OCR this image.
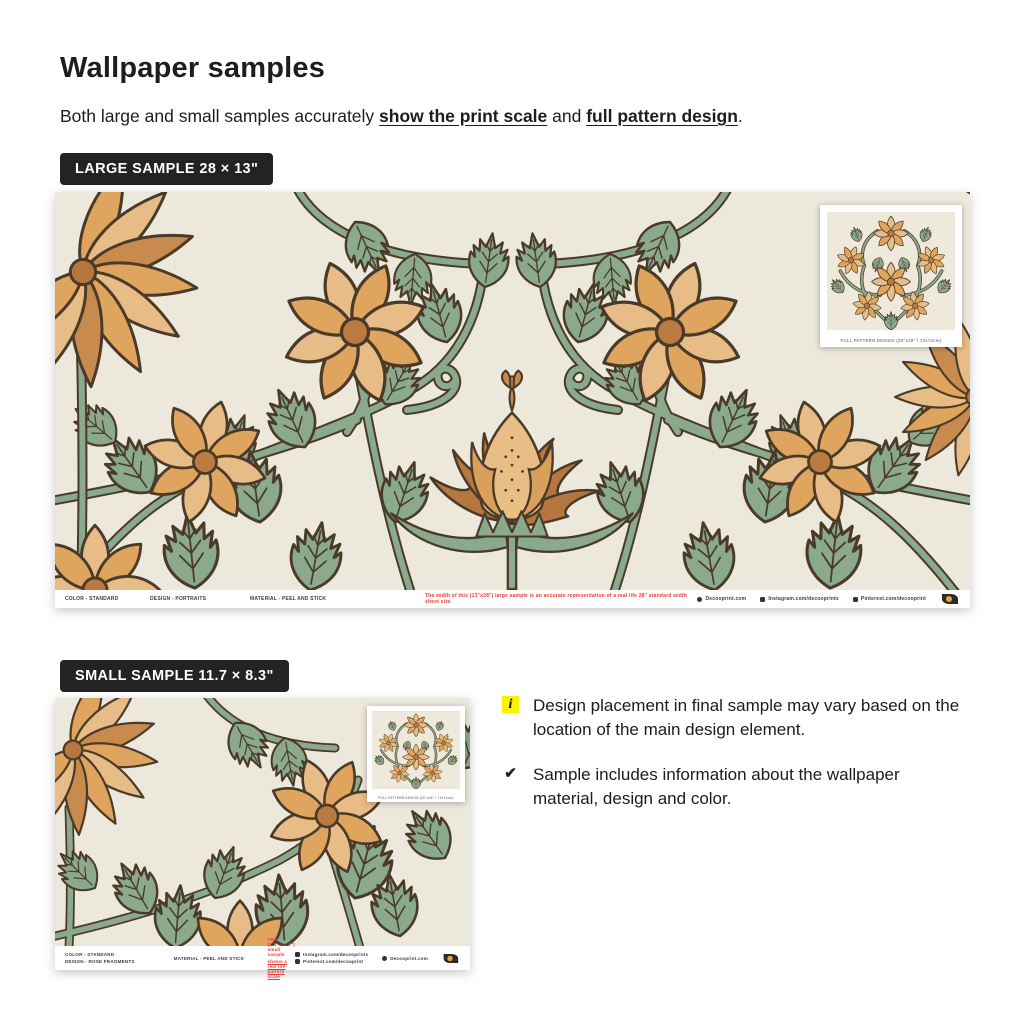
Wallpaper samples

Both large and small samples accurately show the print scale and full pattern design.

LARGE SAMPLE 28 × 13"
FULL PATTERN DESIGN (28"x28" / 72x72cm)
COLOR - STANDARD	DESIGN - PORTRAITS	MATERIAL - PEEL AND STICK	The width of this (13"x28") large sample is an accurate representation of a real life 28" standard width sheet size	Decooprint.com	Instagram.com/decooprints	Pinterest.com/decooprint
SMALL SAMPLE 11.7 × 8.3"
FULL PATTERN DESIGN (28"x28" / 72x72cm)
COLOR - STANDARD
DESIGN - ROSE FRAGMENTS
MATERIAL - PEEL AND STICK
This (8.3"x11.7") small sample
shows a real life pattern scale
Instagram.com/decooprints
Pinterest.com/decooprint
Decooprint.com
i	Design placement in final sample may vary based on the location of the main design element.

✔ Sample includes information about the wallpaper material, design and color.
